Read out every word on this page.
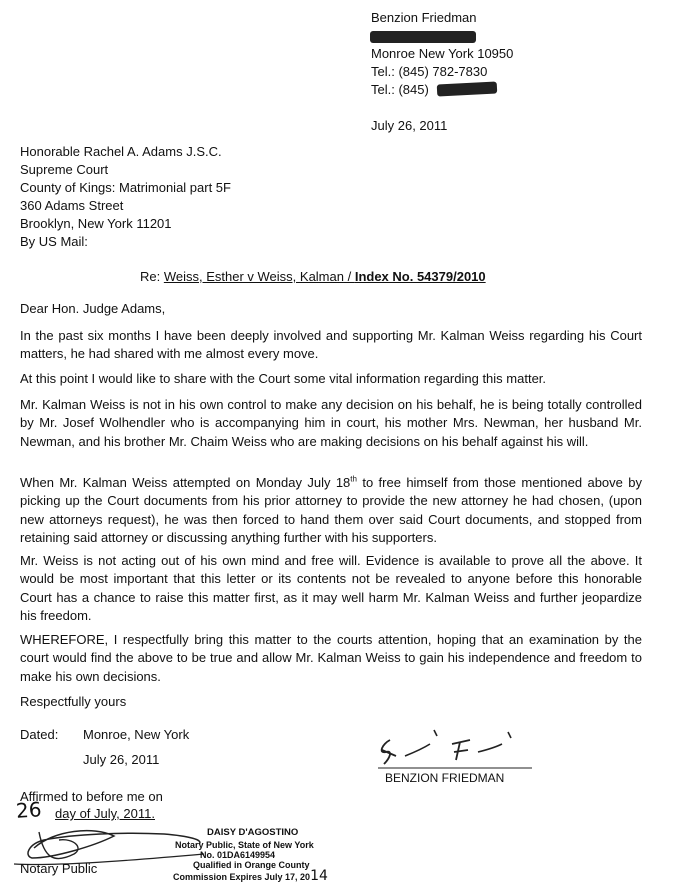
Benzion Friedman
Monroe New York 10950
Tel.: (845) 782-7830
Tel.: (845)
July 26, 2011
Honorable Rachel A. Adams J.S.C.
Supreme Court
County of Kings: Matrimonial part 5F
360 Adams Street
Brooklyn, New York 11201
By US Mail:
Re: Weiss, Esther v Weiss, Kalman / Index No. 54379/2010
Dear Hon. Judge Adams,
In the past six months I have been deeply involved and supporting Mr. Kalman Weiss regarding his Court matters, he had shared with me almost every move.
At this point I would like to share with the Court some vital information regarding this matter.
Mr. Kalman Weiss is not in his own control to make any decision on his behalf, he is being totally controlled by Mr. Josef Wolhendler who is accompanying him in court, his mother Mrs. Newman, her husband Mr. Newman, and his brother Mr. Chaim Weiss who are making decisions on his behalf against his will.
When Mr. Kalman Weiss attempted on Monday July 18th to free himself from those mentioned above by picking up the Court documents from his prior attorney to provide the new attorney he had chosen, (upon new attorneys request), he was then forced to hand them over said Court documents, and stopped from retaining said attorney or discussing anything further with his supporters.
Mr. Weiss is not acting out of his own mind and free will. Evidence is available to prove all the above. It would be most important that this letter or its contents not be revealed to anyone before this honorable Court has a chance to raise this matter first, as it may well harm Mr. Kalman Weiss and further jeopardize his freedom.
WHEREFORE, I respectfully bring this matter to the courts attention, hoping that an examination by the court would find the above to be true and allow Mr. Kalman Weiss to gain his independence and freedom to make his own decisions.
Respectfully yours
Dated: Monroe, New York
July 26, 2011
BENZION FRIEDMAN
Affirmed to before me on
26 day of July, 2011.
DAISY D'AGOSTINO
Notary Public, State of New York
No. 01DA6149954
Qualified in Orange County
Commission Expires July 17, 2014
Notary Public
